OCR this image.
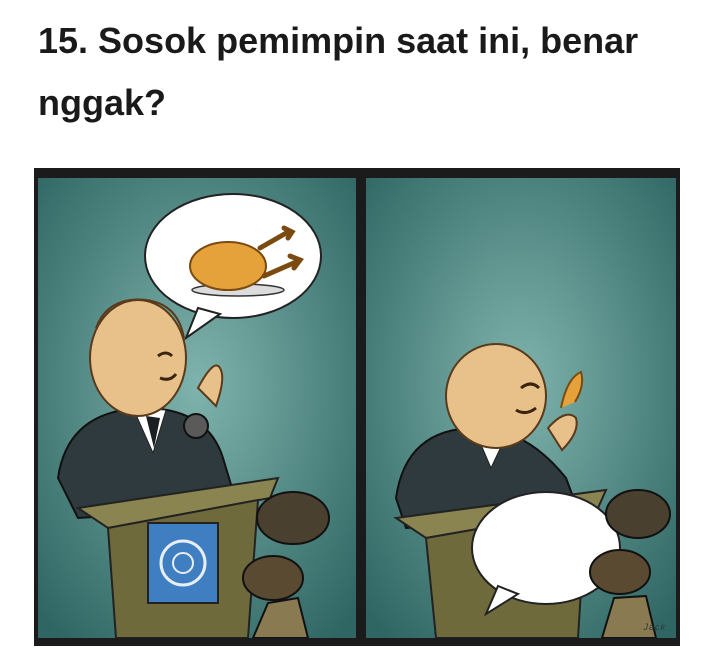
15. Sosok pemimpin saat ini, benar nggak?
Jack
